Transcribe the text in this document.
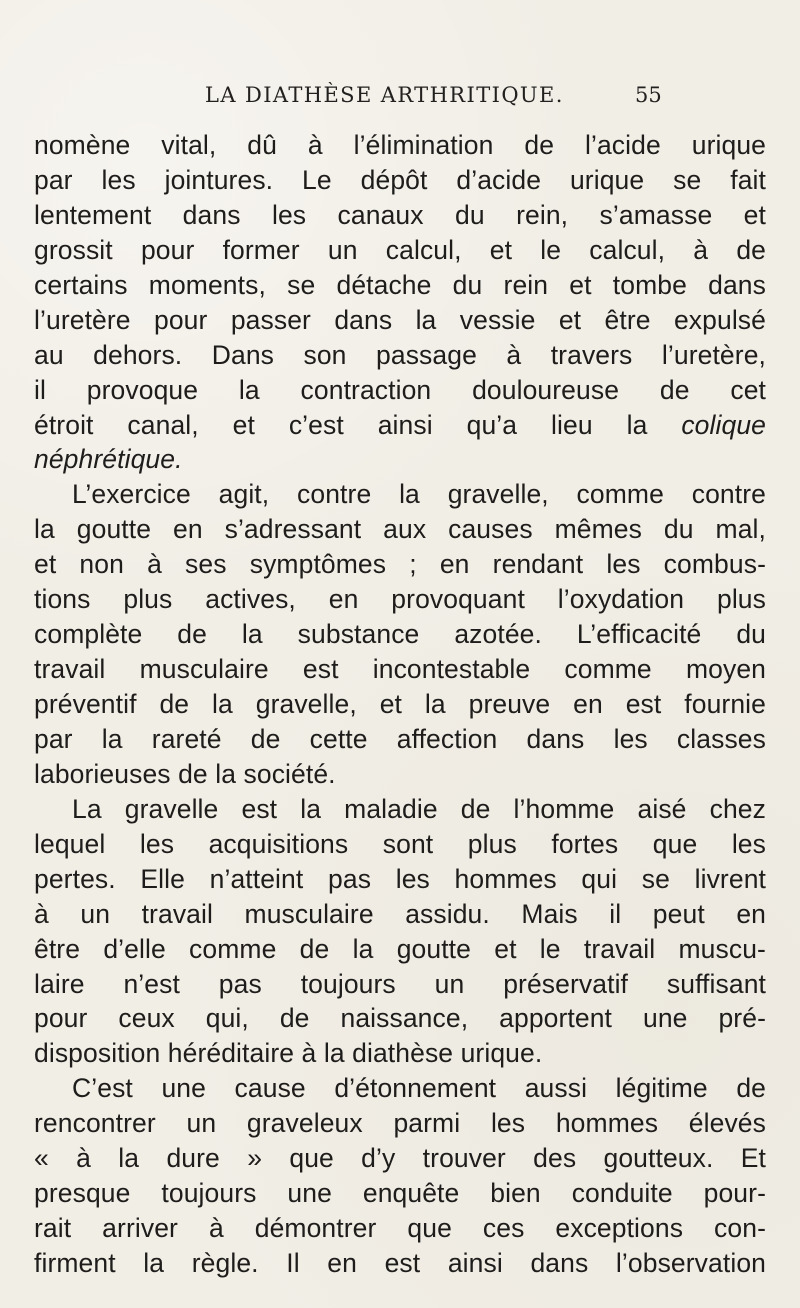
LA DIATHÈSE ARTHRITIQUE.	55
nomène vital, dû à l’élimination de l’acide urique
par les jointures. Le dépôt d’acide urique se fait
lentement dans les canaux du rein, s’amasse et
grossit pour former un calcul, et le calcul, à de
certains moments, se détache du rein et tombe dans
l’uretère pour passer dans la vessie et être expulsé
au dehors. Dans son passage à travers l’uretère,
il provoque la contraction douloureuse de cet
étroit canal, et c’est ainsi qu’a lieu la colique
néphrétique.
L’exercice agit, contre la gravelle, comme contre
la goutte en s’adressant aux causes mêmes du mal,
et non à ses symptômes ; en rendant les combus-
tions plus actives, en provoquant l’oxydation plus
complète de la substance azotée. L’efficacité du
travail musculaire est incontestable comme moyen
préventif de la gravelle, et la preuve en est fournie
par la rareté de cette affection dans les classes
laborieuses de la société.
La gravelle est la maladie de l’homme aisé chez
lequel les acquisitions sont plus fortes que les
pertes. Elle n’atteint pas les hommes qui se livrent
à un travail musculaire assidu. Mais il peut en
être d’elle comme de la goutte et le travail muscu-
laire n’est pas toujours un préservatif suffisant
pour ceux qui, de naissance, apportent une pré-
disposition héréditaire à la diathèse urique.
C’est une cause d’étonnement aussi légitime de
rencontrer un graveleux parmi les hommes élevés
« à la dure » que d’y trouver des goutteux. Et
presque toujours une enquête bien conduite pour-
rait arriver à démontrer que ces exceptions con-
firment la règle. Il en est ainsi dans l’observation
